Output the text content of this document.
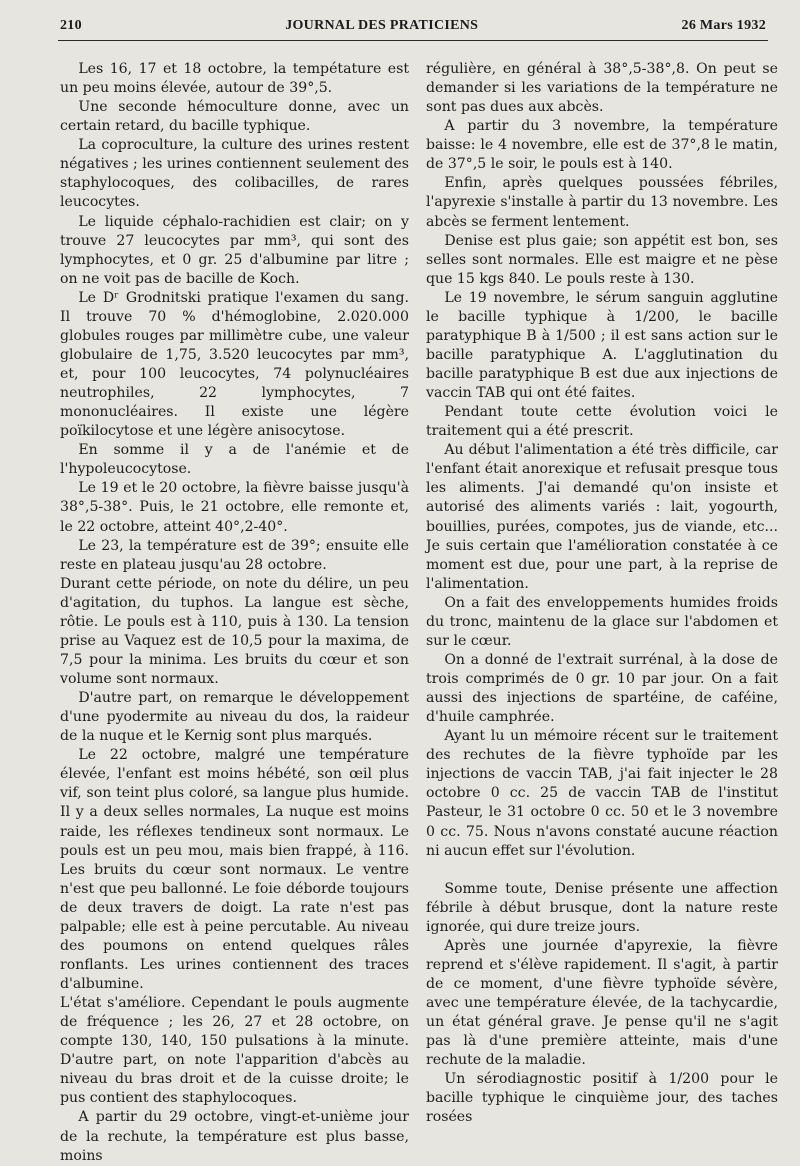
210	JOURNAL DES PRATICIENS	26 Mars 1932

Les 16, 17 et 18 octobre, la tempétature est un peu moins élevée, autour de 39°,5.

Une seconde hémoculture donne, avec un certain retard, du bacille typhique.

La coproculture, la culture des urines restent négatives ; les urines contiennent seulement des staphylocoques, des colibacilles, de rares leucocytes.

Le liquide céphalo-rachidien est clair; on y trouve 27 leucocytes par mm³, qui sont des lymphocytes, et 0 gr. 25 d'albumine par litre ; on ne voit pas de bacille de Koch.

Le Dʳ Grodnitski pratique l'examen du sang. Il trouve 70 % d'hémoglobine, 2.020.000 globules rouges par millimètre cube, une valeur globulaire de 1,75, 3.520 leucocytes par mm³, et, pour 100 leucocytes, 74 polynucléaires neutrophiles, 22 lymphocytes, 7 mononucléaires. Il existe une légère poïkilocytose et une légère anisocytose.

En somme il y a de l'anémie et de l'hypoleucocytose.

Le 19 et le 20 octobre, la fièvre baisse jusqu'à 38°,5-38°. Puis, le 21 octobre, elle remonte et, le 22 octobre, atteint 40°,2-40°.

Le 23, la température est de 39°; ensuite elle reste en plateau jusqu'au 28 octobre.

Durant cette période, on note du délire, un peu d'agitation, du tuphos. La langue est sèche, rôtie. Le pouls est à 110, puis à 130. La tension prise au Vaquez est de 10,5 pour la maxima, de 7,5 pour la minima. Les bruits du cœur et son volume sont normaux.

D'autre part, on remarque le développement d'une pyodermite au niveau du dos, la raideur de la nuque et le Kernig sont plus marqués.

Le 22 octobre, malgré une température élevée, l'enfant est moins hébété, son œil plus vif, son teint plus coloré, sa langue plus humide. Il y a deux selles normales, La nuque est moins raide, les réflexes tendineux sont normaux. Le pouls est un peu mou, mais bien frappé, à 116. Les bruits du cœur sont normaux. Le ventre n'est que peu ballonné. Le foie déborde toujours de deux travers de doigt. La rate n'est pas palpable; elle est à peine percutable. Au niveau des poumons on entend quelques râles ronflants. Les urines contiennent des traces d'albumine.

L'état s'améliore. Cependant le pouls augmente de fréquence ; les 26, 27 et 28 octobre, on compte 130, 140, 150 pulsations à la minute. D'autre part, on note l'apparition d'abcès au niveau du bras droit et de la cuisse droite; le pus contient des staphylocoques.

A partir du 29 octobre, vingt-et-unième jour de la rechute, la température est plus basse, moins

régulière, en général à 38°,5-38°,8. On peut se demander si les variations de la température ne sont pas dues aux abcès.

A partir du 3 novembre, la température baisse: le 4 novembre, elle est de 37°,8 le matin, de 37°,5 le soir, le pouls est à 140.

Enfin, après quelques poussées fébriles, l'apyrexie s'installe à partir du 13 novembre. Les abcès se ferment lentement.

Denise est plus gaie; son appétit est bon, ses selles sont normales. Elle est maigre et ne pèse que 15 kgs 840. Le pouls reste à 130.

Le 19 novembre, le sérum sanguin agglutine le bacille typhique à 1/200, le bacille paratyphique B à 1/500 ; il est sans action sur le bacille paratyphique A. L'agglutination du bacille paratyphique B est due aux injections de vaccin TAB qui ont été faites.

Pendant toute cette évolution voici le traitement qui a été prescrit.

Au début l'alimentation a été très difficile, car l'enfant était anorexique et refusait presque tous les aliments. J'ai demandé qu'on insiste et autorisé des aliments variés : lait, yogourth, bouillies, purées, compotes, jus de viande, etc... Je suis certain que l'amélioration constatée à ce moment est due, pour une part, à la reprise de l'alimentation.

On a fait des enveloppements humides froids du tronc, maintenu de la glace sur l'abdomen et sur le cœur.

On a donné de l'extrait surrénal, à la dose de trois comprimés de 0 gr. 10 par jour. On a fait aussi des injections de spartéine, de caféine, d'huile camphrée.

Ayant lu un mémoire récent sur le traitement des rechutes de la fièvre typhoïde par les injections de vaccin TAB, j'ai fait injecter le 28 octobre 0 cc. 25 de vaccin TAB de l'institut Pasteur, le 31 octobre 0 cc. 50 et le 3 novembre 0 cc. 75. Nous n'avons constaté aucune réaction ni aucun effet sur l'évolution.

Somme toute, Denise présente une affection fébrile à début brusque, dont la nature reste ignorée, qui dure treize jours.

Après une journée d'apyrexie, la fièvre reprend et s'élève rapidement. Il s'agit, à partir de ce moment, d'une fièvre typhoïde sévère, avec une température élevée, de la tachycardie, un état général grave. Je pense qu'il ne s'agit pas là d'une première atteinte, mais d'une rechute de la maladie.

Un sérodiagnostic positif à 1/200 pour le bacille typhique le cinquième jour, des taches rosées
